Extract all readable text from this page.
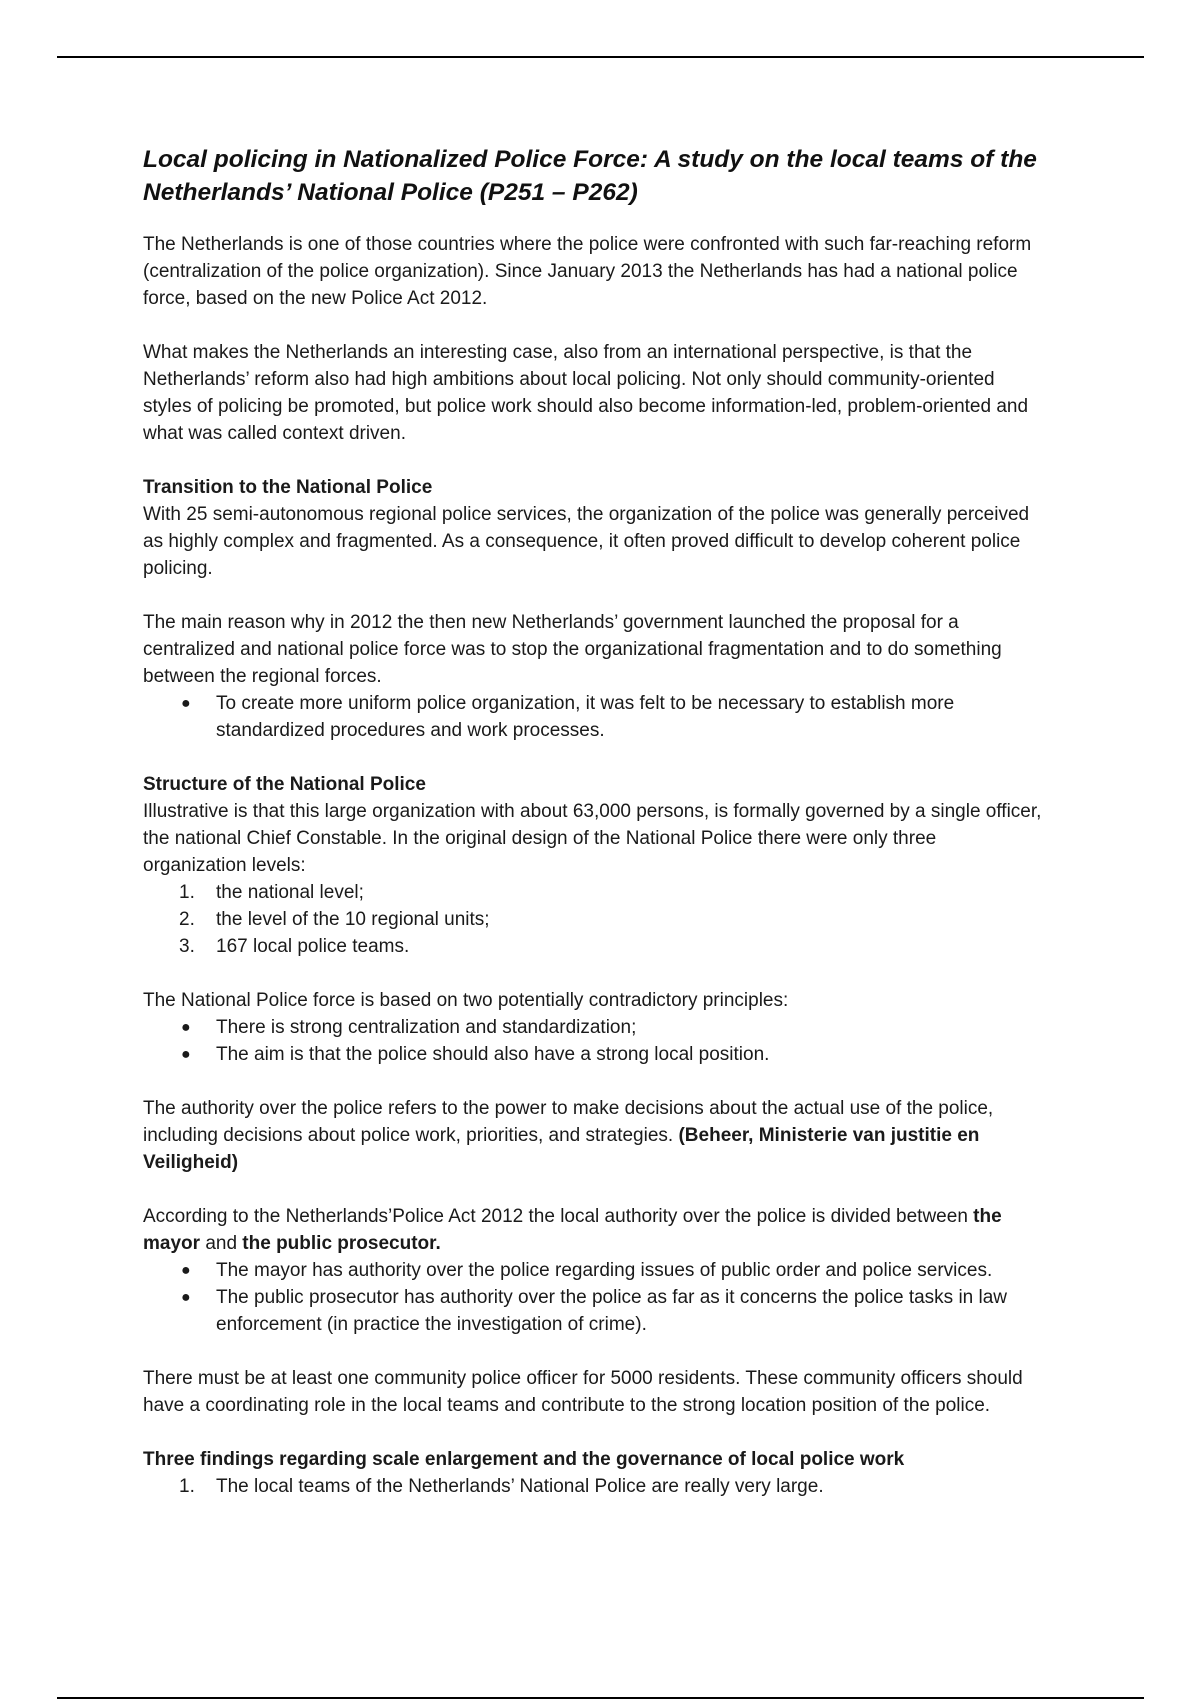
Local policing in Nationalized Police Force: A study on the local teams of the Netherlands’ National Police (P251 – P262)

The Netherlands is one of those countries where the police were confronted with such far-reaching reform (centralization of the police organization). Since January 2013 the Netherlands has had a national police force, based on the new Police Act 2012.

What makes the Netherlands an interesting case, also from an international perspective, is that the Netherlands’ reform also had high ambitions about local policing. Not only should community-oriented styles of policing be promoted, but police work should also become information-led, problem-oriented and what was called context driven.

Transition to the National Police

With 25 semi-autonomous regional police services, the organization of the police was generally perceived as highly complex and fragmented. As a consequence, it often proved difficult to develop coherent police policing.

The main reason why in 2012 the then new Netherlands’ government launched the proposal for a centralized and national police force was to stop the organizational fragmentation and to do something between the regional forces.

● To create more uniform police organization, it was felt to be necessary to establish more standardized procedures and work processes.

Structure of the National Police

Illustrative is that this large organization with about 63,000 persons, is formally governed by a single officer, the national Chief Constable. In the original design of the National Police there were only three organization levels:

1. the national level;
2. the level of the 10 regional units;
3. 167 local police teams.

The National Police force is based on two potentially contradictory principles:

● There is strong centralization and standardization;
● The aim is that the police should also have a strong local position.

The authority over the police refers to the power to make decisions about the actual use of the police, including decisions about police work, priorities, and strategies. (Beheer, Ministerie van justitie en Veiligheid)

According to the Netherlands’Police Act 2012 the local authority over the police is divided between the mayor and the public prosecutor.

● The mayor has authority over the police regarding issues of public order and police services.
● The public prosecutor has authority over the police as far as it concerns the police tasks in law enforcement (in practice the investigation of crime).

There must be at least one community police officer for 5000 residents. These community officers should have a coordinating role in the local teams and contribute to the strong location position of the police.

Three findings regarding scale enlargement and the governance of local police work

1. The local teams of the Netherlands’ National Police are really very large.
